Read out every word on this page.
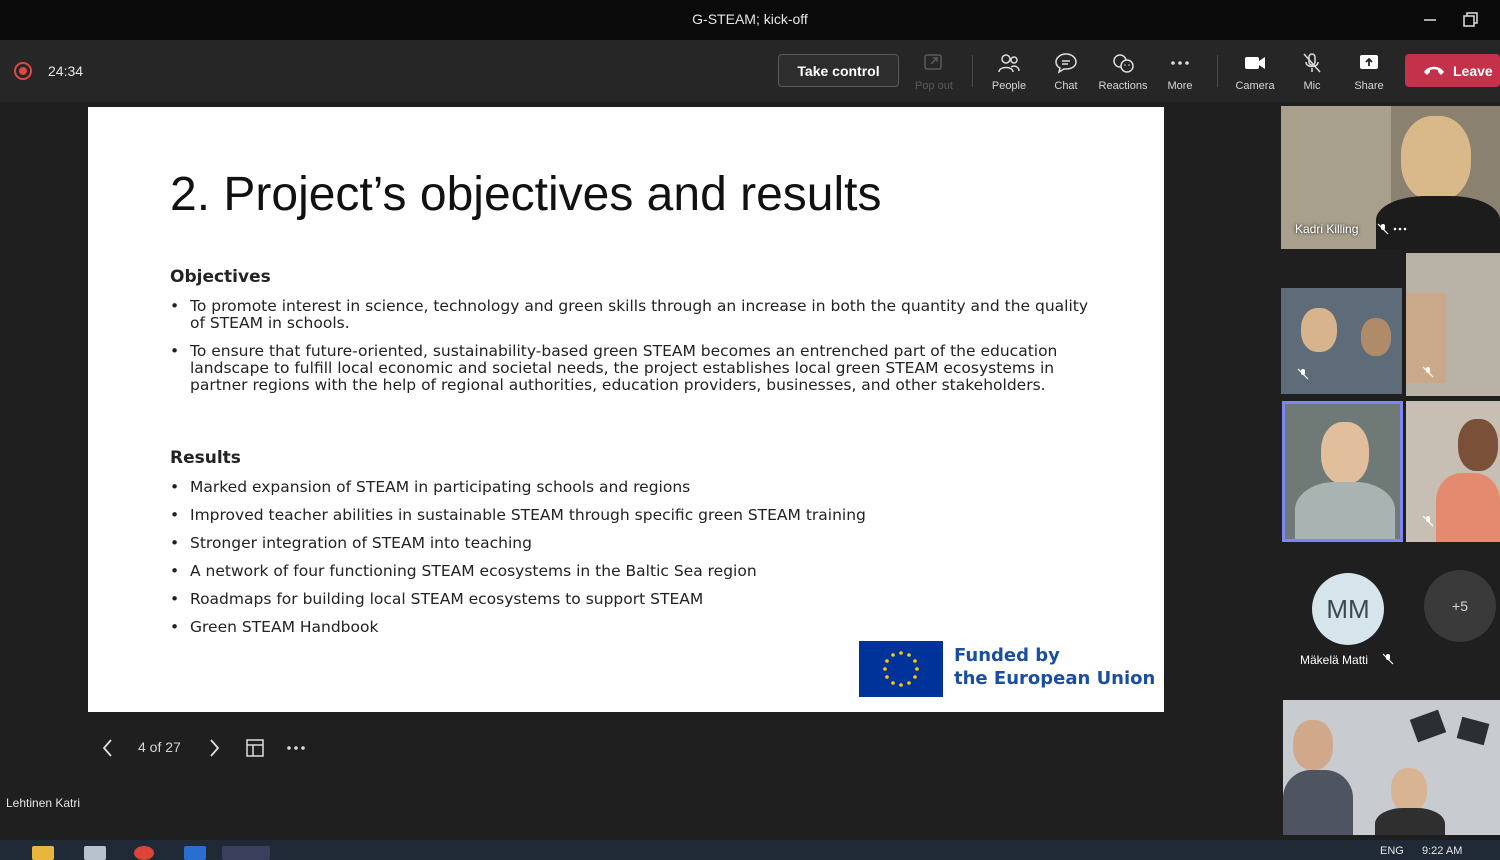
G-STEAM; kick-off
24:34	Take control
Pop out	People	Chat	Reactions	More	Camera	Mic	Share
Leave
2. Project’s objectives and results
Objectives
• To promote interest in science, technology and green skills through an increase in both the quantity and the quality of STEAM in schools.
• To ensure that future-oriented, sustainability-based green STEAM becomes an entrenched part of the education landscape to fulfill local economic and societal needs, the project establishes local green STEAM ecosystems in partner regions with the help of regional authorities, education providers, businesses, and other stakeholders.
Results
• Marked expansion of STEAM in participating schools and regions
• Improved teacher abilities in sustainable STEAM through specific green STEAM training
• Stronger integration of STEAM into teaching
• A network of four functioning STEAM ecosystems in the Baltic Sea region
• Roadmaps for building local STEAM ecosystems to support STEAM
• Green STEAM Handbook
Funded by
the European Union
4 of 27
Lehtinen Katri
Kadri Killing
MM
Mäkelä Matti
+5
ENG 9:22 AM
